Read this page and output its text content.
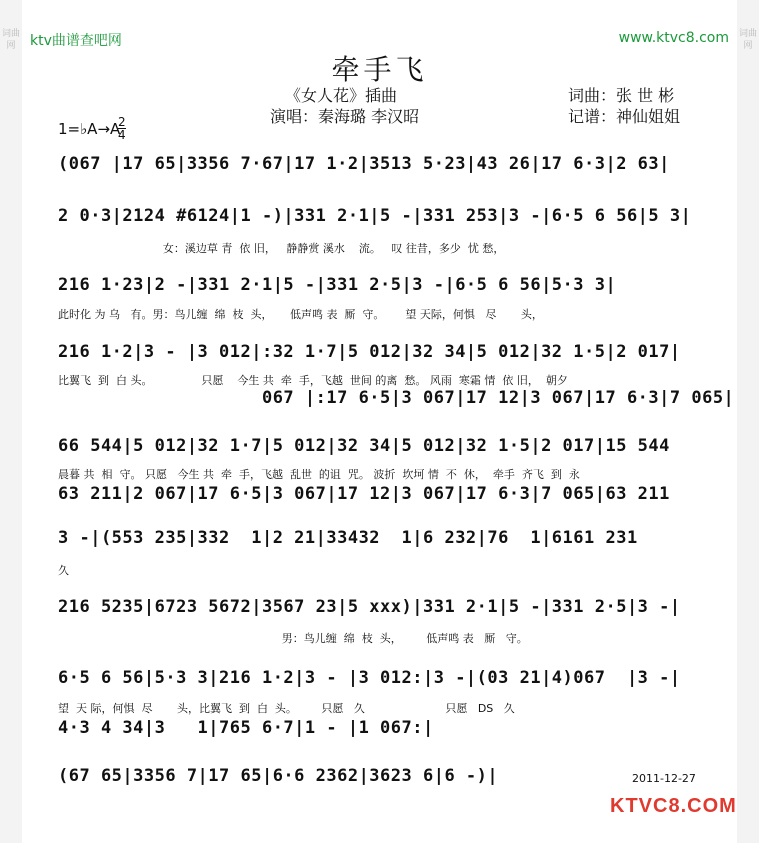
词曲网
词曲网
ktv曲谱查吧网	www.ktvc8.com
牵手飞
《女人花》插曲
演唱：秦海璐 李汉昭
词曲：张 世 彬
记谱：神仙姐姐
1=♭A→A
2
4
(067 |17 65|3356 7·67|17 1·2|3513 5·23|43 26|17 6·3|2 63|
2 0·3|2124 #6124|1 -)|331 2·1|5 -|331 253|3 -|6·5 6 56|5 3|
女：溪边草 青  依 旧，   静静赏 溪水    流。   叹 往昔，多少  忧 愁，
216 1·23|2 -|331 2·1|5 -|331 2·5|3 -|6·5 6 56|5·3 3|
此时化 为 乌   有。男：鸟儿缠  绵  枝  头，     低声鸣 表  厮  守。      望 天际，何惧   尽       头，
216 1·2|3 - |3 012|:32 1·7|5 012|32 34|5 012|32 1·5|2 017|
比翼飞  到  白 头。              只愿    今生 共  牵  手，飞越  世间 的离  愁。 风雨  寒霜 情  依 旧，  朝夕
067 |:17 6·5|3 067|17 12|3 067|17 6·3|7 065|
66 544|5 012|32 1·7|5 012|32 34|5 012|32 1·5|2 017|15 544
晨暮 共  相  守。 只愿   今生 共  牵  手，飞越  乱世  的诅  咒。 波折  坎坷 情  不  休，  牵手  齐飞  到  永
63 211|2 067|17 6·5|3 067|17 12|3 067|17 6·3|7 065|63 211
3 -|(553 235|332  1|2 21|33432  1|6 232|76  1|6161 231
久
216 5235|6723 5672|3567 23|5 xxx)|331 2·1|5 -|331 2·5|3 -|
男：鸟儿缠  绵  枝  头，       低声鸣 表   厮   守。
6·5 6 56|5·3 3|216 1·2|3 - |3 012:|3 -|(03 21|4)067  |3 -|
望  天 际，何惧  尽       头，比翼飞  到  白  头。       只愿   久                       只愿   DS   久
4·3 4 34|3   1|765 6·7|1 - |1 067:|
(67 65|3356 7|17 65|6·6 2362|3623 6|6 -)|	2011-12-27
KTVC8.COM
